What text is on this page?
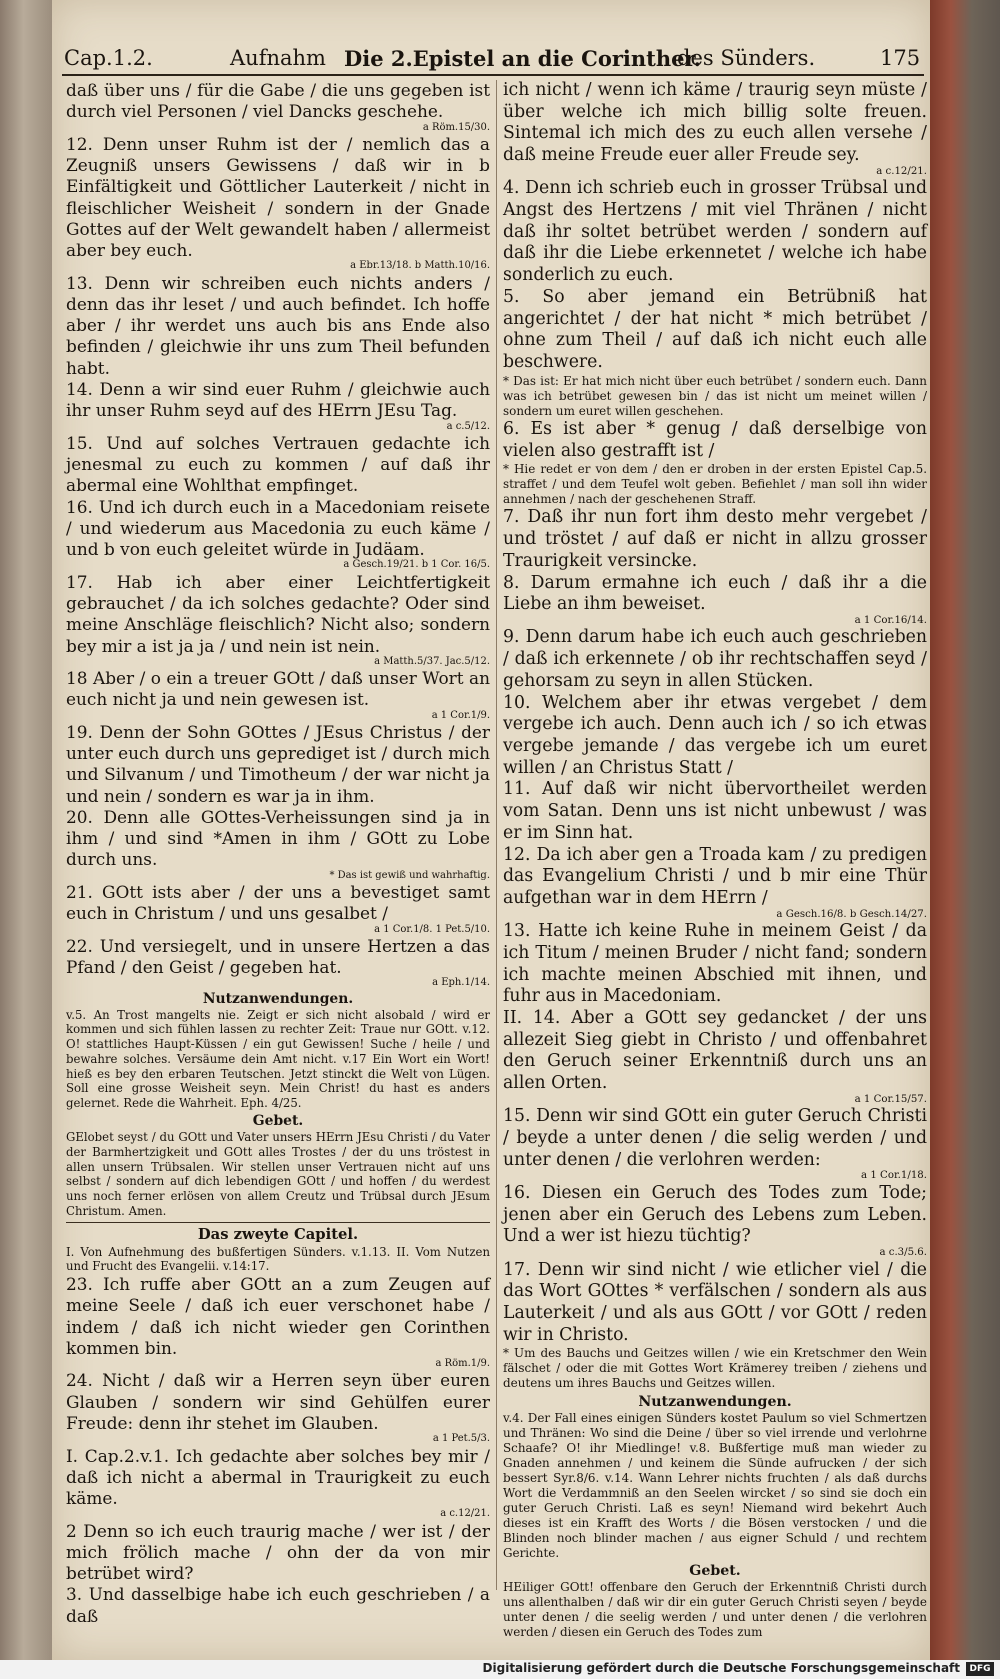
Cap.1.2.	Aufnahm Die 2.Epistel an die Corinther.
des Sünders.	175

daß über uns / für die Gabe / die uns gegeben ist durch viel Personen / viel Dancks geschehe.

a Röm.15/30.

12. Denn unser Ruhm ist der / nemlich das a Zeugniß unsers Gewissens / daß wir in b Einfältigkeit und Göttlicher Lauterkeit / nicht in fleischlicher Weisheit / sondern in der Gnade Gottes auf der Welt gewandelt haben / allermeist aber bey euch.

a Ebr.13/18. b Matth.10/16.

13. Denn wir schreiben euch nichts anders / denn das ihr leset / und auch befindet. Ich hoffe aber / ihr werdet uns auch bis ans Ende also befinden / gleichwie ihr uns zum Theil befunden habt.

14. Denn a wir sind euer Ruhm / gleichwie auch ihr unser Ruhm seyd auf des HErrn JEsu Tag.

a c.5/12.

15. Und auf solches Vertrauen gedachte ich jenesmal zu euch zu kommen / auf daß ihr abermal eine Wohlthat empfinget.

16. Und ich durch euch in a Macedoniam reisete / und wiederum aus Macedonia zu euch käme / und b von euch geleitet würde in Judäam.

a Gesch.19/21. b 1 Cor. 16/5.

17. Hab ich aber einer Leichtfertigkeit gebrauchet / da ich solches gedachte? Oder sind meine Anschläge fleischlich? Nicht also; sondern bey mir a ist ja ja / und nein ist nein.

a Matth.5/37. Jac.5/12.

18 Aber / o ein a treuer GOtt / daß unser Wort an euch nicht ja und nein gewesen ist.

a 1 Cor.1/9.

19. Denn der Sohn GOttes / JEsus Christus / der unter euch durch uns geprediget ist / durch mich und Silvanum / und Timotheum / der war nicht ja und nein / sondern es war ja in ihm.

20. Denn alle GOttes-Verheissungen sind ja in ihm / und sind *Amen in ihm / GOtt zu Lobe durch uns.

* Das ist gewiß und wahrhaftig.

21. GOtt ists aber / der uns a bevestiget samt euch in Christum / und uns gesalbet /

a 1 Cor.1/8. 1 Pet.5/10.

22. Und versiegelt, und in unsere Hertzen a das Pfand / den Geist / gegeben hat.

a Eph.1/14.
Nutzanwendungen.

v.5. An Trost mangelts nie. Zeigt er sich nicht alsobald / wird er kommen und sich fühlen lassen zu rechter Zeit: Traue nur GOtt. v.12. O! stattliches Haupt-Küssen / ein gut Gewissen! Suche / heile / und bewahre solches. Versäume dein Amt nicht. v.17 Ein Wort ein Wort! hieß es bey den erbaren Teutschen. Jetzt stinckt die Welt von Lügen. Soll eine grosse Weisheit seyn. Mein Christ! du hast es anders gelernet. Rede die Wahrheit. Eph. 4/25.

Gebet.

GElobet seyst / du GOtt und Vater unsers HErrn JEsu Christi / du Vater der Barmhertzigkeit und GOtt alles Trostes / der du uns tröstest in allen unsern Trübsalen. Wir stellen unser Vertrauen nicht auf uns selbst / sondern auf dich lebendigen GOtt / und hoffen / du werdest uns noch ferner erlösen von allem Creutz und Trübsal durch JEsum Christum. Amen.

Das zweyte Capitel.

I. Von Aufnehmung des bußfertigen Sünders. v.1.13. II. Vom Nutzen und Frucht des Evangelii. v.14:17.

23. Ich ruffe aber GOtt an a zum Zeugen auf meine Seele / daß ich euer verschonet habe / indem / daß ich nicht wieder gen Corinthen kommen bin.

a Röm.1/9.

24. Nicht / daß wir a Herren seyn über euren Glauben / sondern wir sind Gehülfen eurer Freude: denn ihr stehet im Glauben.

a 1 Pet.5/3.

I. Cap.2.v.1. Ich gedachte aber solches bey mir / daß ich nicht a abermal in Traurigkeit zu euch käme.

a c.12/21.

2 Denn so ich euch traurig mache / wer ist / der mich frölich mache / ohn der da von mir betrübet wird?

3. Und dasselbige habe ich euch geschrieben / a daß

ich nicht / wenn ich käme / traurig seyn müste / über welche ich mich billig solte freuen. Sintemal ich mich des zu euch allen versehe / daß meine Freude euer aller Freude sey.

a c.12/21.

4. Denn ich schrieb euch in grosser Trübsal und Angst des Hertzens / mit viel Thränen / nicht daß ihr soltet betrübet werden / sondern auf daß ihr die Liebe erkennetet / welche ich habe sonderlich zu euch.

5. So aber jemand ein Betrübniß hat angerichtet / der hat nicht * mich betrübet / ohne zum Theil / auf daß ich nicht euch alle beschwere.

* Das ist: Er hat mich nicht über euch betrübet / sondern euch. Dann was ich betrübet gewesen bin / das ist nicht um meinet willen / sondern um euret willen geschehen.

6. Es ist aber * genug / daß derselbige von vielen also gestrafft ist /

* Hie redet er von dem / den er droben in der ersten Epistel Cap.5. straffet / und dem Teufel wolt geben. Befiehlet / man soll ihn wider annehmen / nach der geschehenen Straff.

7. Daß ihr nun fort ihm desto mehr vergebet / und tröstet / auf daß er nicht in allzu grosser Traurigkeit versincke.

8. Darum ermahne ich euch / daß ihr a die Liebe an ihm beweiset.

a 1 Cor.16/14.

9. Denn darum habe ich euch auch geschrieben / daß ich erkennete / ob ihr rechtschaffen seyd / gehorsam zu seyn in allen Stücken.

10. Welchem aber ihr etwas vergebet / dem vergebe ich auch. Denn auch ich / so ich etwas vergebe jemande / das vergebe ich um euret willen / an Christus Statt /

11. Auf daß wir nicht übervortheilet werden vom Satan. Denn uns ist nicht unbewust / was er im Sinn hat.

12. Da ich aber gen a Troada kam / zu predigen das Evangelium Christi / und b mir eine Thür aufgethan war in dem HErrn /

a Gesch.16/8. b Gesch.14/27.

13. Hatte ich keine Ruhe in meinem Geist / da ich Titum / meinen Bruder / nicht fand; sondern ich machte meinen Abschied mit ihnen, und fuhr aus in Macedoniam.

II. 14. Aber a GOtt sey gedancket / der uns allezeit Sieg giebt in Christo / und offenbahret den Geruch seiner Erkenntniß durch uns an allen Orten.

a 1 Cor.15/57.

15. Denn wir sind GOtt ein guter Geruch Christi / beyde a unter denen / die selig werden / und unter denen / die verlohren werden:

a 1 Cor.1/18.

16. Diesen ein Geruch des Todes zum Tode; jenen aber ein Geruch des Lebens zum Leben. Und a wer ist hiezu tüchtig?

a c.3/5.6.

17. Denn wir sind nicht / wie etlicher viel / die das Wort GOttes * verfälschen / sondern als aus Lauterkeit / und als aus GOtt / vor GOtt / reden wir in Christo.

* Um des Bauchs und Geitzes willen / wie ein Kretschmer den Wein fälschet / oder die mit Gottes Wort Krämerey treiben / ziehens und deutens um ihres Bauchs und Geitzes willen.

Nutzanwendungen.

v.4. Der Fall eines einigen Sünders kostet Paulum so viel Schmertzen und Thränen: Wo sind die Deine / über so viel irrende und verlohrne Schaafe? O! ihr Miedlinge! v.8. Bußfertige muß man wieder zu Gnaden annehmen / und keinem die Sünde aufrucken / der sich bessert Syr.8/6. v.14. Wann Lehrer nichts fruchten / als daß durchs Wort die Verdammniß an den Seelen wircket / so sind sie doch ein guter Geruch Christi. Laß es seyn! Niemand wird bekehrt Auch dieses ist ein Krafft des Worts / die Bösen verstocken / und die Blinden noch blinder machen / aus eigner Schuld / und rechtem Gerichte.

Gebet.

HEiliger GOtt! offenbare den Geruch der Erkenntniß Christi durch uns allenthalben / daß wir dir ein guter Geruch Christi seyen / beyde unter denen / die seelig werden / und unter denen / die verlohren werden / diesen ein Geruch des Todes zum

Digitalisierung gefördert durch die Deutsche Forschungsgemeinschaft	DFG
